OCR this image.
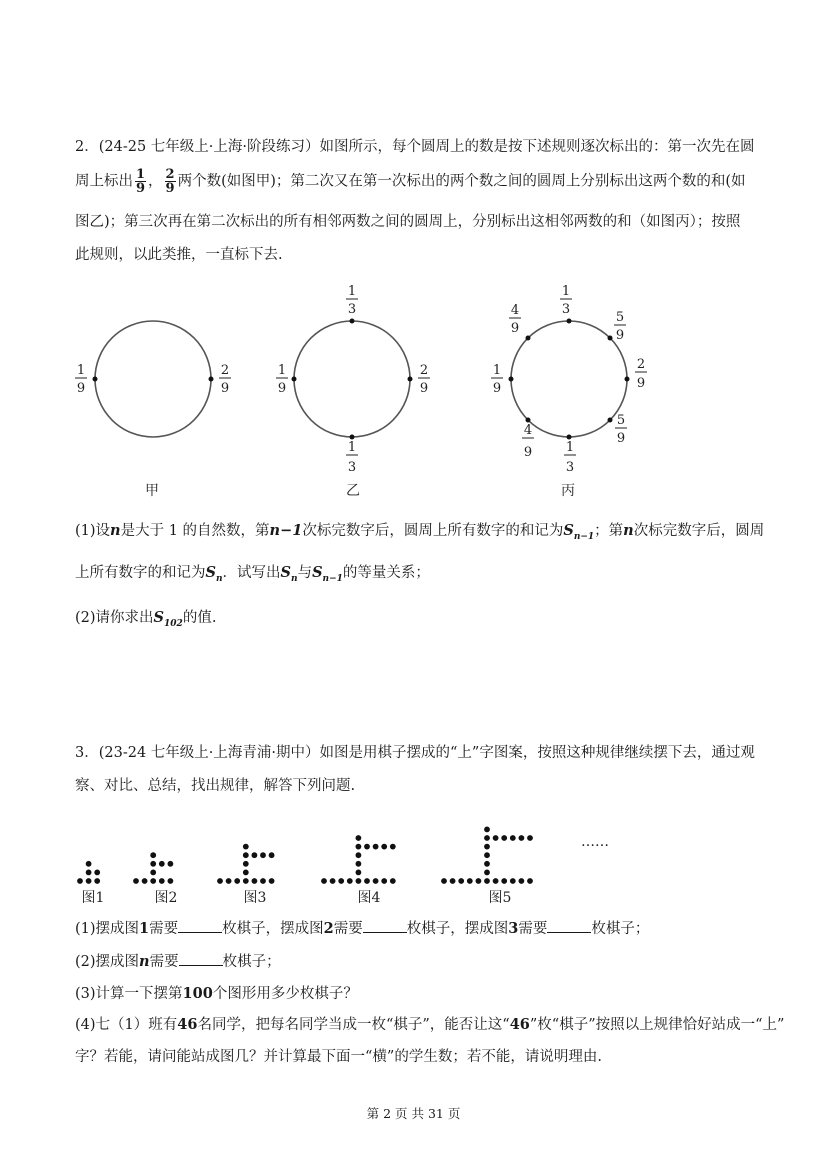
2．(24-25 七年级上·上海·阶段练习）如图所示，每个圆周上的数是按下述规则逐次标出的：第一次先在圆
周上标出 $\frac{1}{9}$ ， $\frac{2}{9}$ 两个数(如图甲)；第二次又在第一次标出的两个数之间的圆周上分别标出这两个数的和(如
图乙)；第三次再在第二次标出的所有相邻两数之间的圆周上，分别标出这相邻两数的和（如图丙）；按照
此规则，以此类推，一直标下去.
1
9
2
9
1
9
2
9
1
3
1
3
1
9
2
9
1
3
1
3
4
9
5
9
4
9
5
9
甲	乙	丙
(1)设n是大于 1 的自然数，第n−1次标完数字后，圆周上所有数字的和记为$S_{n-1}$；第n次标完数字后，圆周
上所有数字的和记为$S_n$．试写出$S_n$与$S_{n-1}$的等量关系；
(2)请你求出$S_{102}$的值.
3．(23-24 七年级上·上海青浦·期中）如图是用棋子摆成的“上”字图案，按照这种规律继续摆下去，通过观
察、对比、总结，找出规律，解答下列问题.
图1	图2	图3	图4	图5
……
(1)摆成图1需要	枚棋子，摆成图2需要	枚棋子，摆成图3需要	枚棋子；
(2)摆成图n需要	枚棋子；
(3)计算一下摆第100个图形用多少枚棋子？
(4)七（1）班有46名同学，把每名同学当成一枚“棋子”，能否让这“46”枚“棋子”按照以上规律恰好站成一“上”
字？若能，请问能站成图几？并计算最下面一“横”的学生数；若不能，请说明理由.
第 2 页 共 31 页
